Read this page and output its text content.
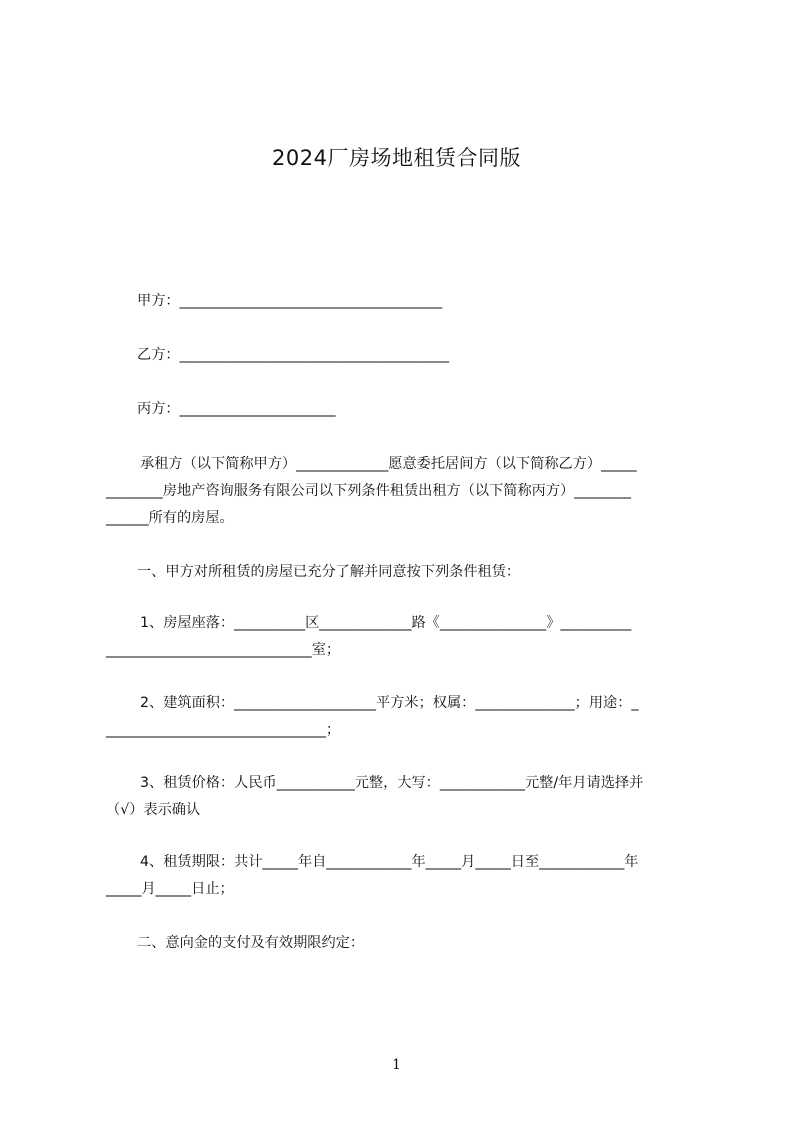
2024厂房场地租赁合同版
甲方：_____________________________________
乙方：______________________________________
丙方：______________________
承租方（以下简称甲方）_____________愿意委托居间方（以下简称乙方）_____
________房地产咨询服务有限公司以下列条件租赁出租方（以下简称丙方）________
______所有的房屋。
一、甲方对所租赁的房屋已充分了解并同意按下列条件租赁：
1、房屋座落：__________区_____________路《_______________》__________
_____________________________室；
2、建筑面积：____________________平方米；权属：______________；用途：_
_______________________________；
3、租赁价格：人民币___________元整，大写：____________元整/年月请选择并
（√）表示确认
4、租赁期限：共计_____年自____________年_____月_____日至____________年
_____月_____日止；
二、意向金的支付及有效期限约定：
1
